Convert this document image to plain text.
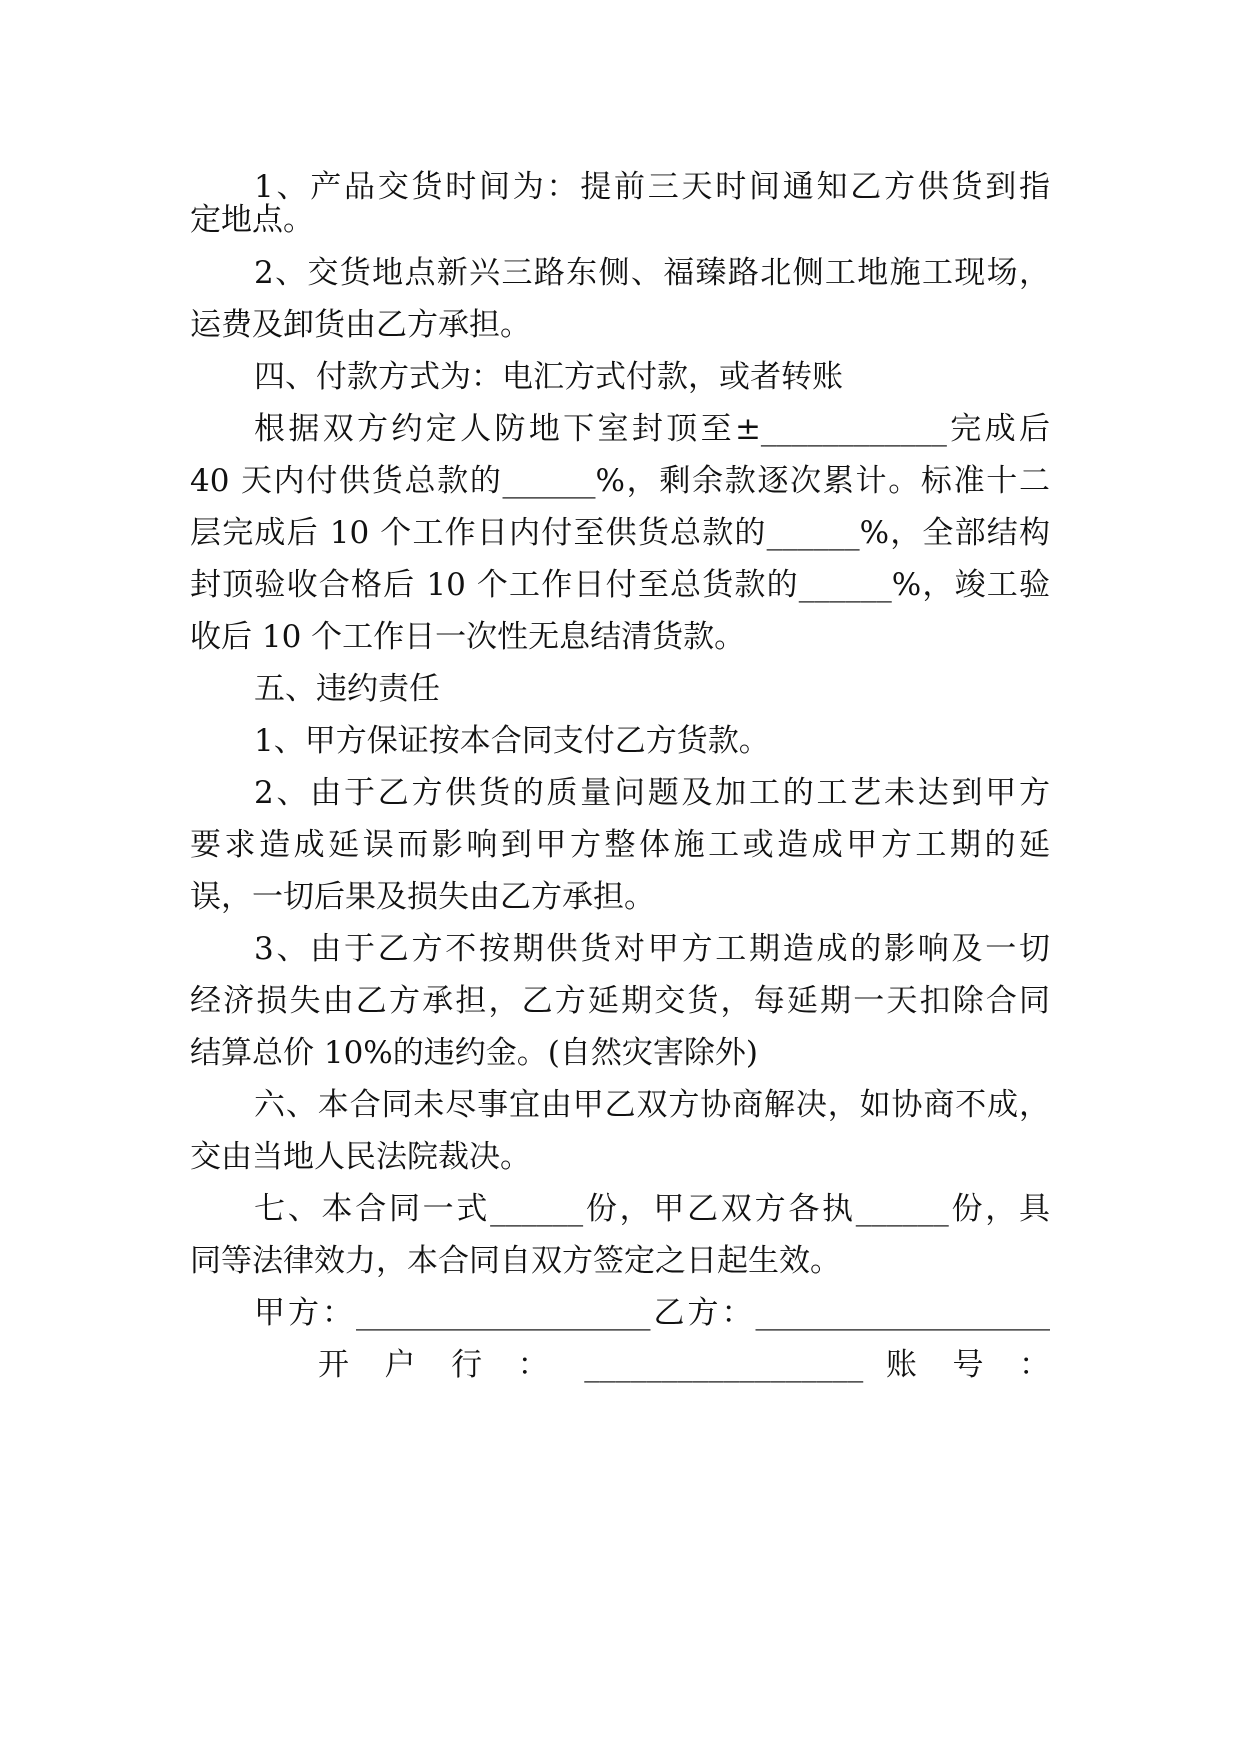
1、产品交货时间为：提前三天时间通知乙方供货到指
定地点。
2、交货地点新兴三路东侧、福臻路北侧工地施工现场，
运费及卸货由乙方承担。
四、付款方式为：电汇方式付款，或者转账
根据双方约定人防地下室封顶至±____________完成后
40 天内付供货总款的______%，剩余款逐次累计。标准十二
层完成后 10 个工作日内付至供货总款的______%，全部结构
封顶验收合格后 10 个工作日付至总货款的______%，竣工验
收后 10 个工作日一次性无息结清货款。
五、违约责任
1、甲方保证按本合同支付乙方货款。
2、由于乙方供货的质量问题及加工的工艺未达到甲方
要求造成延误而影响到甲方整体施工或造成甲方工期的延
误，一切后果及损失由乙方承担。
3、由于乙方不按期供货对甲方工期造成的影响及一切
经济损失由乙方承担，乙方延期交货，每延期一天扣除合同
结算总价 10%的违约金。(自然灾害除外)
六、本合同未尽事宜由甲乙双方协商解决，如协商不成，
交由当地人民法院裁决。
七、本合同一式______份，甲乙双方各执______份，具
同等法律效力，本合同自双方签定之日起生效。
甲方：___________________乙方：___________________
开 户 行 ： __________________ 账 号 ：
